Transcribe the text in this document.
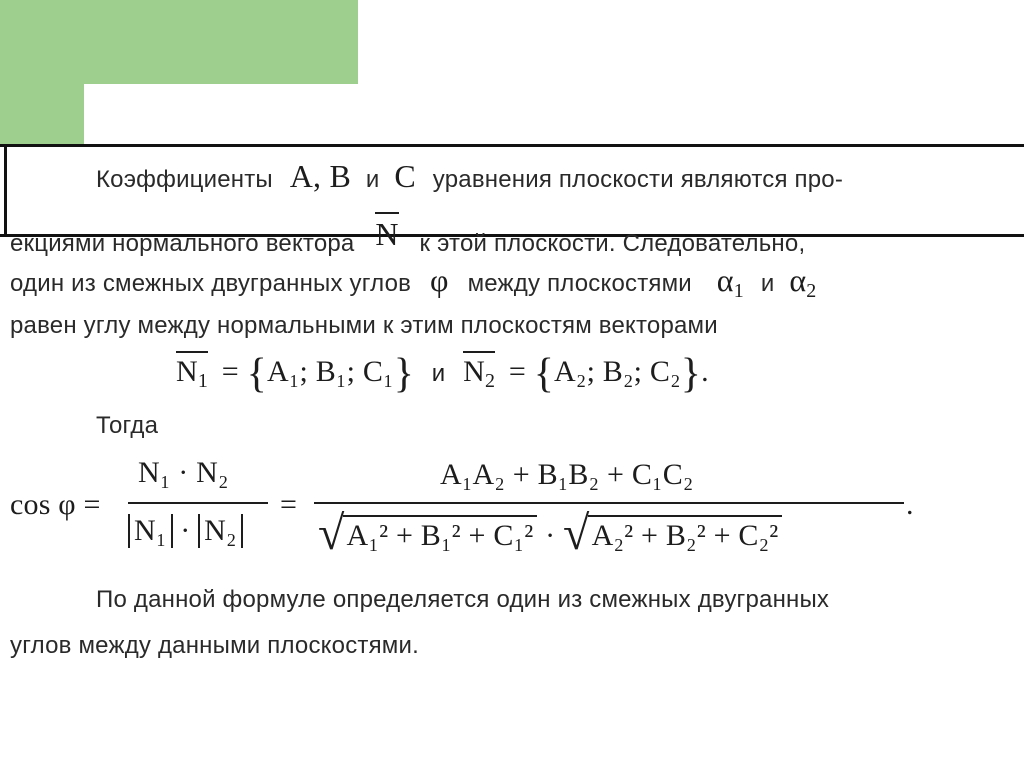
Коэффициенты A, B и C уравнения плоскости являются про-
екциями нормального вектора N к этой плоскости. Следовательно,
один из смежных двугранных углов φ между плоскостями $\alpha_1$ и $\alpha_2$
равен углу между нормальными к этим плоскостям векторами
$N_1 = \{A_1$; B₁; C₁} и $N_2 = \{A_2$; B₂; C₂}.
Тогда
cos φ =
N₁ · N₂
N₁ · N₂
=
A₁A₂ + B₁B₂ + C₁C₂
√A₁² + B₁² + C₁² · √A₂² + B₂² + C₂²
.
По данной формуле определяется один из смежных двугранных
углов между данными плоскостями.
